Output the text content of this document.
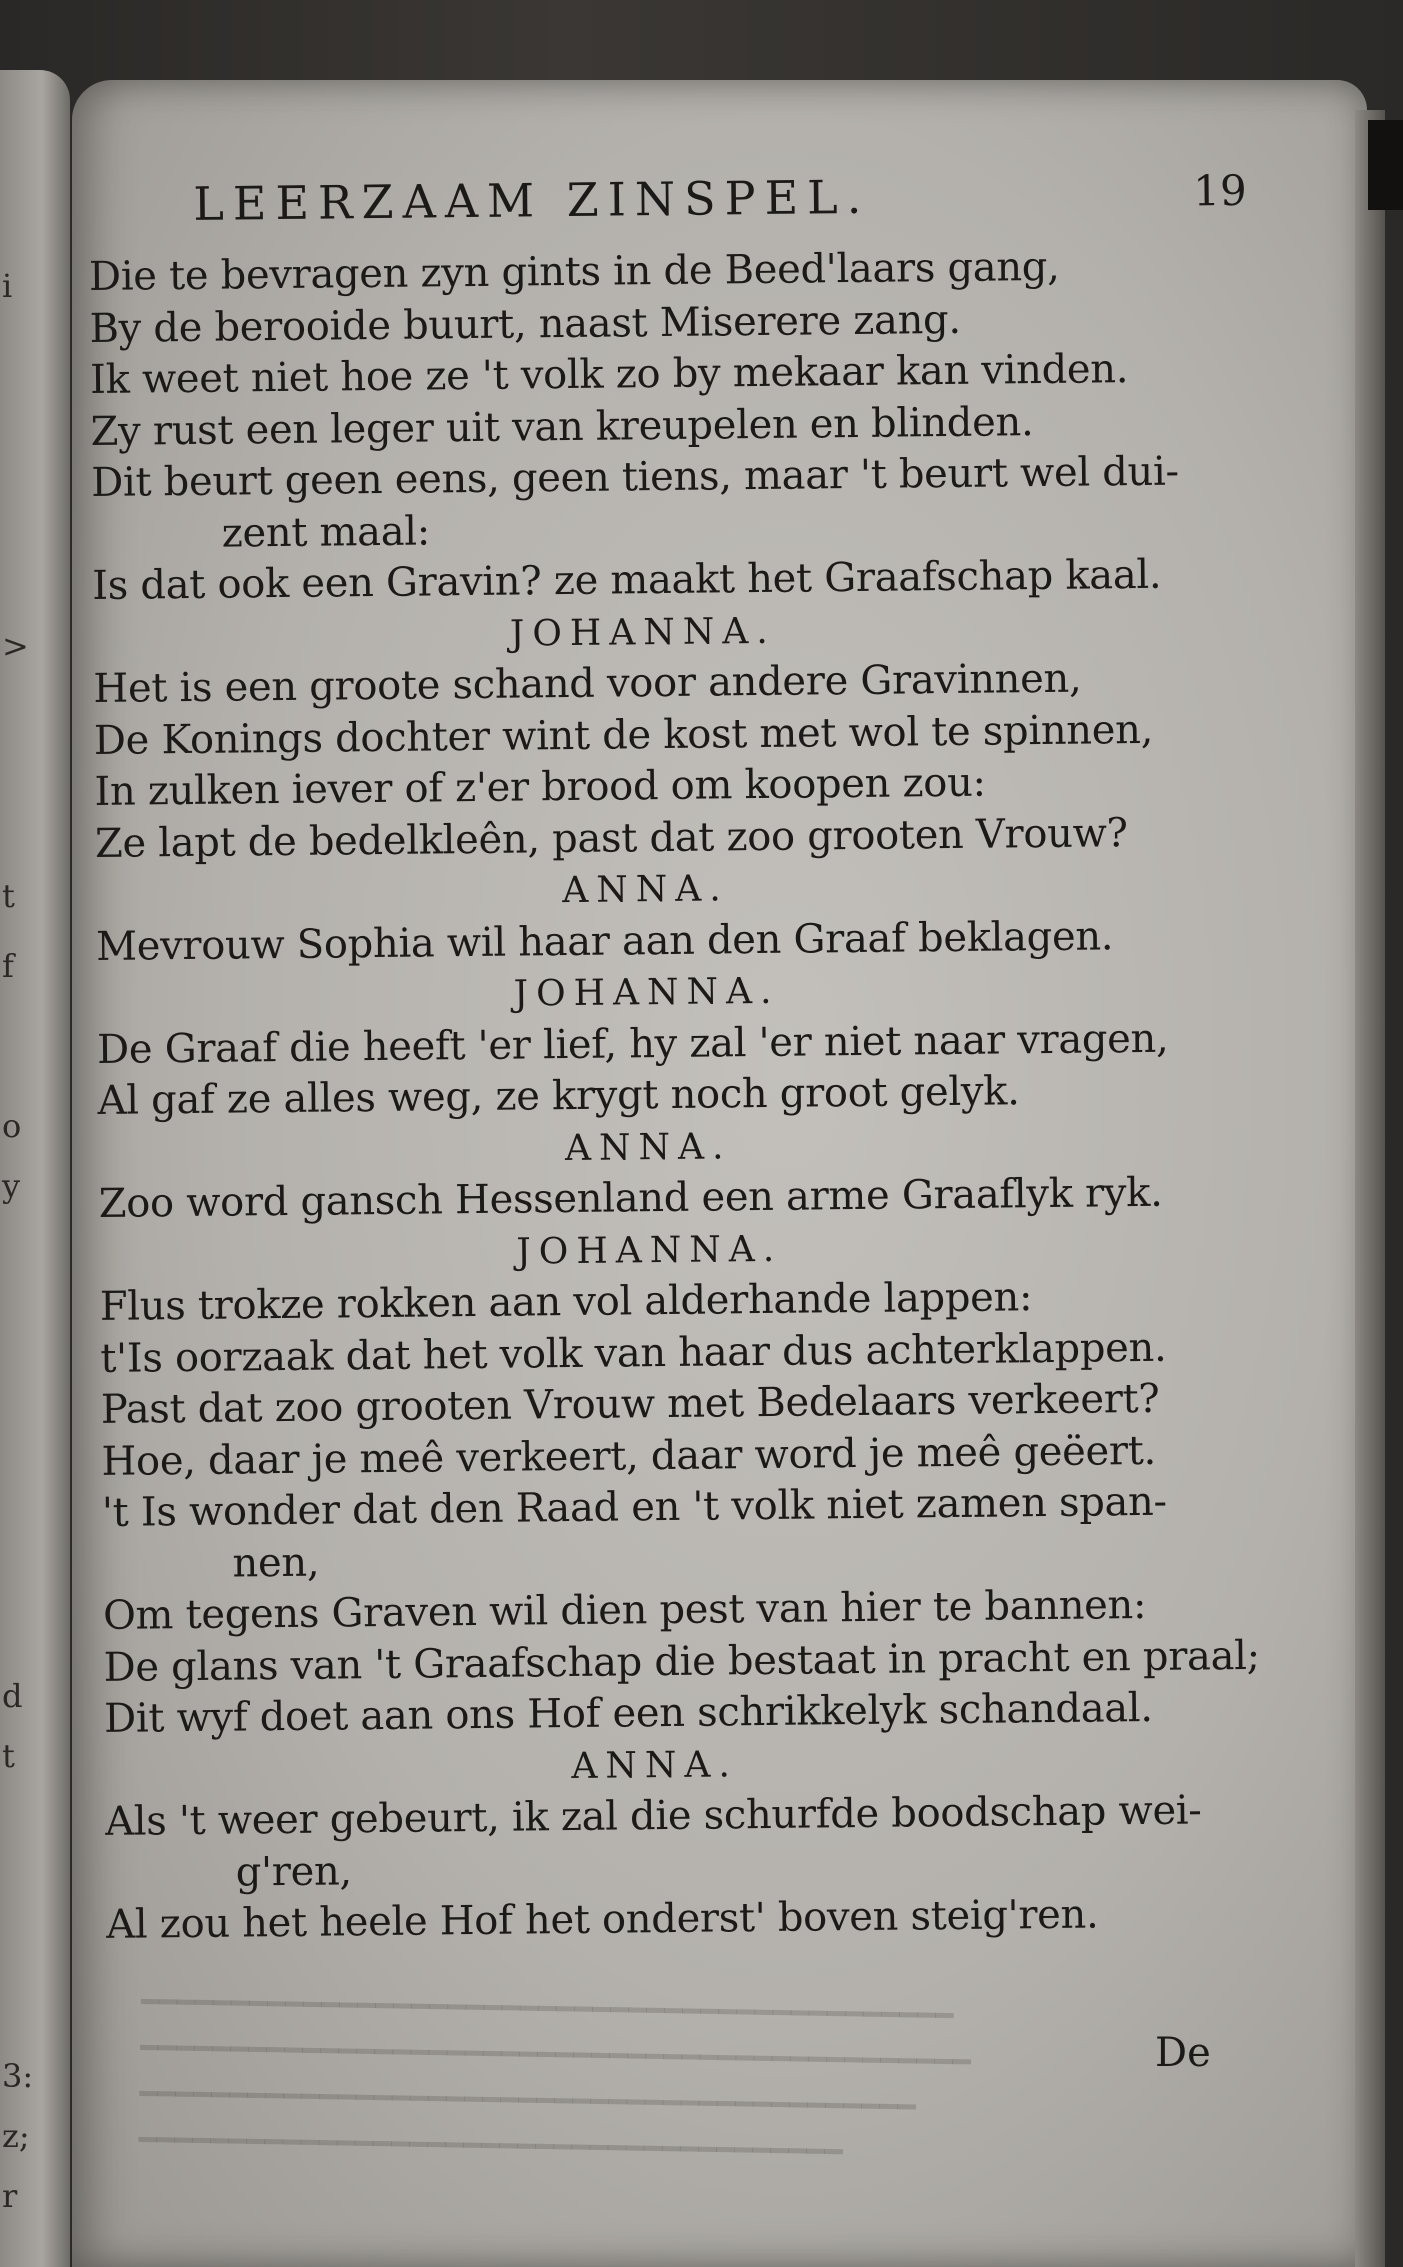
i
>
t
f
o
y
d
t
3:
z;
r
━━━━━━━━━━━━━━━━━━━━━━━━━━━━━━━━━━━━━━━
━━━━━━━━━━━━━━━━━━━━━━━━━━━━━━━━━━━━━━━━━━━
━━━━━━━━━━━━━━━━━━━━━━━━━━━━━━━━━━━━━━━━━━━━━━
━━━━━━━━━━━━━━━━━━━━━━━━━━━━━━━━━━━━━━━━━━━━━
LEERZAAM ZINSPEL.	19
Die te bevragen zyn gints in de Beed'laars gang,
By de berooide buurt, naast Miserere zang.
Ik weet niet hoe ze 't volk zo by mekaar kan vinden.
Zy rust een leger uit van kreupelen en blinden.
Dit beurt geen eens, geen tiens, maar 't beurt wel dui-
zent maal:
Is dat ook een Gravin? ze maakt het Graafschap kaal.
JOHANNA.
Het is een groote schand voor andere Gravinnen,
De Konings dochter wint de kost met wol te spinnen,
In zulken iever of z'er brood om koopen zou:
Ze lapt de bedelkleên, past dat zoo grooten Vrouw?
ANNA.
Mevrouw Sophia wil haar aan den Graaf beklagen.
JOHANNA.
De Graaf die heeft 'er lief, hy zal 'er niet naar vragen,
Al gaf ze alles weg, ze krygt noch groot gelyk.
ANNA.
Zoo word gansch Hessenland een arme Graaflyk ryk.
JOHANNA.
Flus trokze rokken aan vol alderhande lappen:
t'Is oorzaak dat het volk van haar dus achterklappen.
Past dat zoo grooten Vrouw met Bedelaars verkeert?
Hoe, daar je meê verkeert, daar word je meê geëert.
't Is wonder dat den Raad en 't volk niet zamen span-
nen,
Om tegens Graven wil dien pest van hier te bannen:
De glans van 't Graafschap die bestaat in pracht en praal;
Dit wyf doet aan ons Hof een schrikkelyk schandaal.
ANNA.
Als 't weer gebeurt, ik zal die schurfde boodschap wei-
g'ren,
Al zou het heele Hof het onderst' boven steig'ren.
De
